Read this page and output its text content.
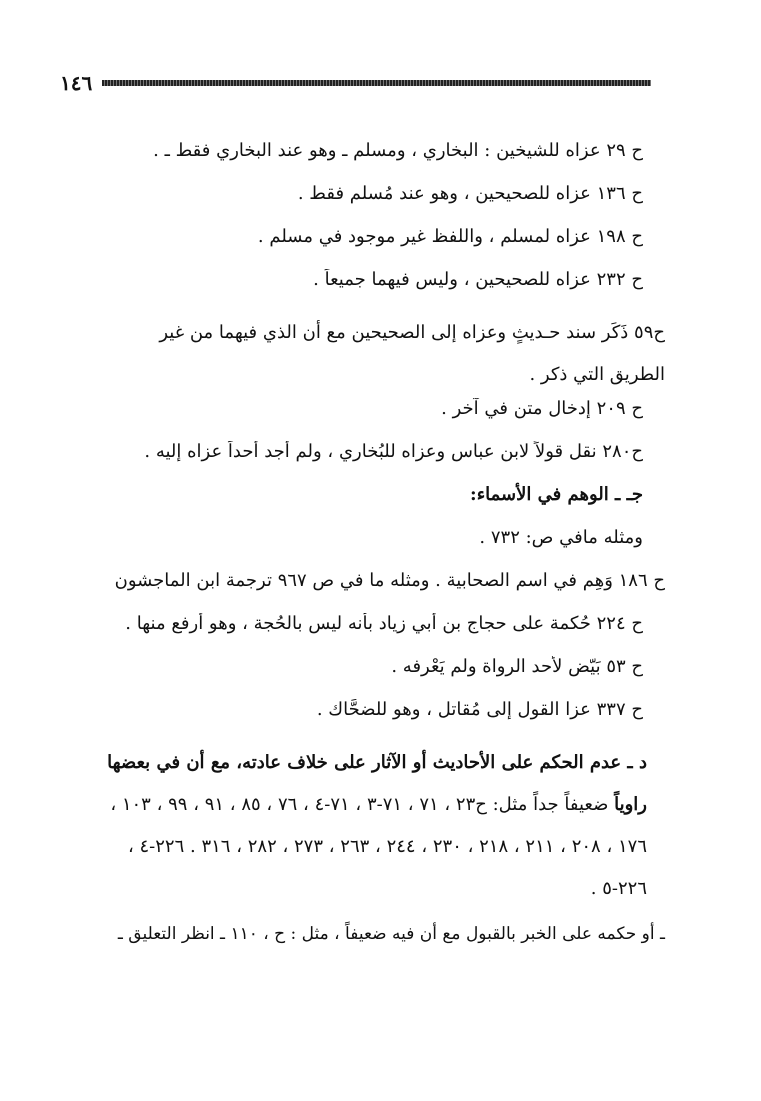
١٤٦
ح ٢٩ عزاه للشيخين : البخاري ، ومسلم ـ وهو عند البخاري فقط ـ .
ح ١٣٦ عزاه للصحيحين ، وهو عند مُسلم فقط .
ح ١٩٨ عزاه لمسلم ، واللفظ غير موجود في مسلم .
ح ٢٣٢ عزاه للصحيحين ، وليس فيهما جميعاً .
ح٥٩ ذَكَر سند حـديثٍ وعزاه إلى الصحيحين مع أن الذي فيهما من غير الطريق التي ذكر .
ح ٢٠٩ إدخال متن في آخر .
ح٢٨٠ نقل قولاً لابن عباس وعزاه للبُخاري ، ولم أجد أحداً عزاه إليه .
جـ ـ الوهم في الأسماء:
ومثله مافي ص: ٧٣٢ .
ح ١٨٦ وَهِم في اسم الصحابية . ومثله ما في ص ٩٦٧ ترجمة ابن الماجشون
ح ٢٢٤ حُكمة على حجاج بن أبي زياد بأنه ليس بالحُجة ، وهو أرفع منها .
ح ٥٣ بَيّض لأحد الرواة ولم يَعْرفه .
ح ٣٣٧ عزا القول إلى مُقاتل ، وهو للضحَّاك .
د ـ عدم الحكم على الأحاديث أو الآثار على خلاف عادته، مع أن في بعضها راوياً ضعيفاً جداً مثل: ح٢٣ ، ٧١ ، ٧١-٣ ، ٧١-٤ ، ٧٦ ، ٨٥ ، ٩١ ، ٩٩ ، ١٠٣ ، ١٧٦ ، ٢٠٨ ، ٢١١ ، ٢١٨ ، ٢٣٠ ، ٢٤٤ ، ٢٦٣ ، ٢٧٣ ، ٢٨٢ ، ٣١٦ . ٢٢٦-٤ ، ٢٢٦-٥ .
ـ أو حكمه على الخبر بالقبول مع أن فيه ضعيفاً ، مثل : ح ، ١١٠ ـ انظر التعليق ـ
